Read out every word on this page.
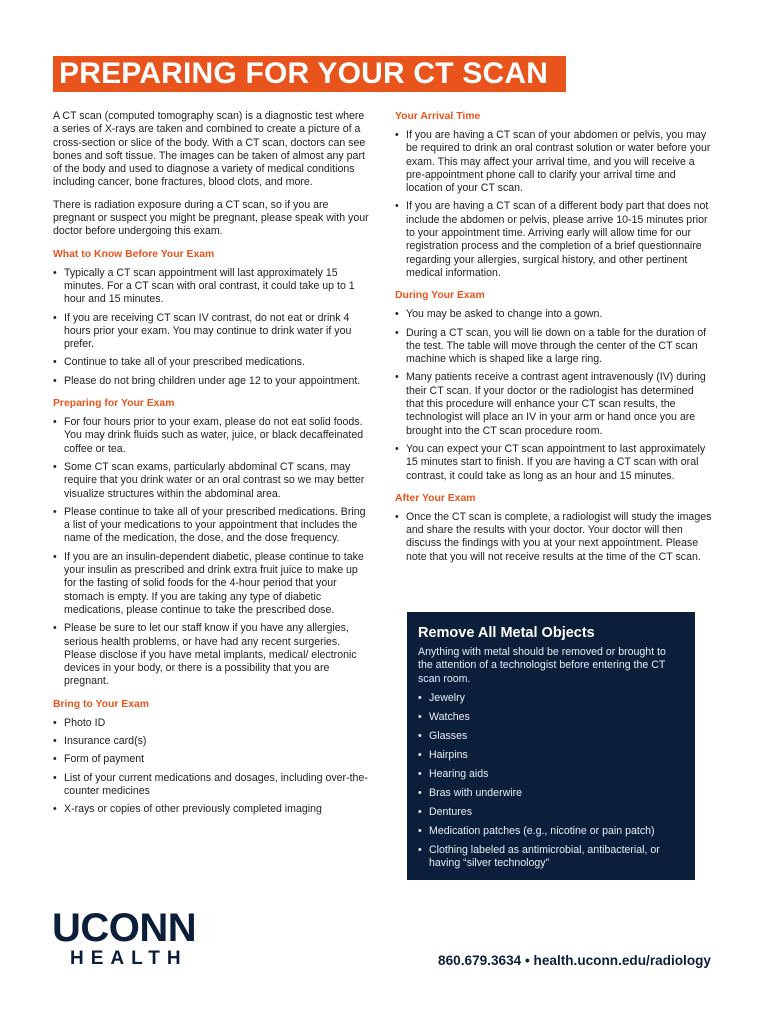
PREPARING FOR YOUR CT SCAN

A CT scan (computed tomography scan) is a diagnostic test where a series of X-rays are taken and combined to create a picture of a cross-section or slice of the body. With a CT scan, doctors can see bones and soft tissue. The images can be taken of almost any part of the body and used to diagnose a variety of medical conditions including cancer, bone fractures, blood clots, and more.

There is radiation exposure during a CT scan, so if you are pregnant or suspect you might be pregnant, please speak with your doctor before undergoing this exam.

What to Know Before Your Exam
• Typically a CT scan appointment will last approximately 15 minutes. For a CT scan with oral contrast, it could take up to 1 hour and 15 minutes.
• If you are receiving CT scan IV contrast, do not eat or drink 4 hours prior your exam. You may continue to drink water if you prefer.
• Continue to take all of your prescribed medications.
• Please do not bring children under age 12 to your appointment.
Preparing for Your Exam
• For four hours prior to your exam, please do not eat solid foods. You may drink fluids such as water, juice, or black decaffeinated coffee or tea.
• Some CT scan exams, particularly abdominal CT scans, may require that you drink water or an oral contrast so we may better visualize structures within the abdominal area.
• Please continue to take all of your prescribed medications. Bring a list of your medications to your appointment that includes the name of the medication, the dose, and the dose frequency.
• If you are an insulin-dependent diabetic, please continue to take your insulin as prescribed and drink extra fruit juice to make up for the fasting of solid foods for the 4-hour period that your stomach is empty. If you are taking any type of diabetic medications, please continue to take the prescribed dose.
• Please be sure to let our staff know if you have any allergies, serious health problems, or have had any recent surgeries. Please disclose if you have metal implants, medical/ electronic devices in your body, or there is a possibility that you are pregnant.
Bring to Your Exam
• Photo ID
• Insurance card(s)
• Form of payment
• List of your current medications and dosages, including over-the-counter medicines
• X-rays or copies of other previously completed imaging
Your Arrival Time
• If you are having a CT scan of your abdomen or pelvis, you may be required to drink an oral contrast solution or water before your exam. This may affect your arrival time, and you will receive a pre-appointment phone call to clarify your arrival time and location of your CT scan.
• If you are having a CT scan of a different body part that does not include the abdomen or pelvis, please arrive 10-15 minutes prior to your appointment time. Arriving early will allow time for our registration process and the completion of a brief questionnaire regarding your allergies, surgical history, and other pertinent medical information.
During Your Exam
• You may be asked to change into a gown.
• During a CT scan, you will lie down on a table for the duration of the test. The table will move through the center of the CT scan machine which is shaped like a large ring.
• Many patients receive a contrast agent intravenously (IV) during their CT scan. If your doctor or the radiologist has determined that this procedure will enhance your CT scan results, the technologist will place an IV in your arm or hand once you are brought into the CT scan procedure room.
• You can expect your CT scan appointment to last approximately 15 minutes start to finish. If you are having a CT scan with oral contrast, it could take as long as an hour and 15 minutes.
After Your Exam
• Once the CT scan is complete, a radiologist will study the images and share the results with your doctor. Your doctor will then discuss the findings with you at your next appointment. Please note that you will not receive results at the time of the CT scan.
Remove All Metal Objects

Anything with metal should be removed or brought to the attention of a technologist before entering the CT scan room.

• Jewelry
• Watches
• Glasses
• Hairpins
• Hearing aids
• Bras with underwire
• Dentures
• Medication patches (e.g., nicotine or pain patch)
• Clothing labeled as antimicrobial, antibacterial, or having “silver technology”
UCONN
HEALTH	860.679.3634 • health.uconn.edu/radiology
